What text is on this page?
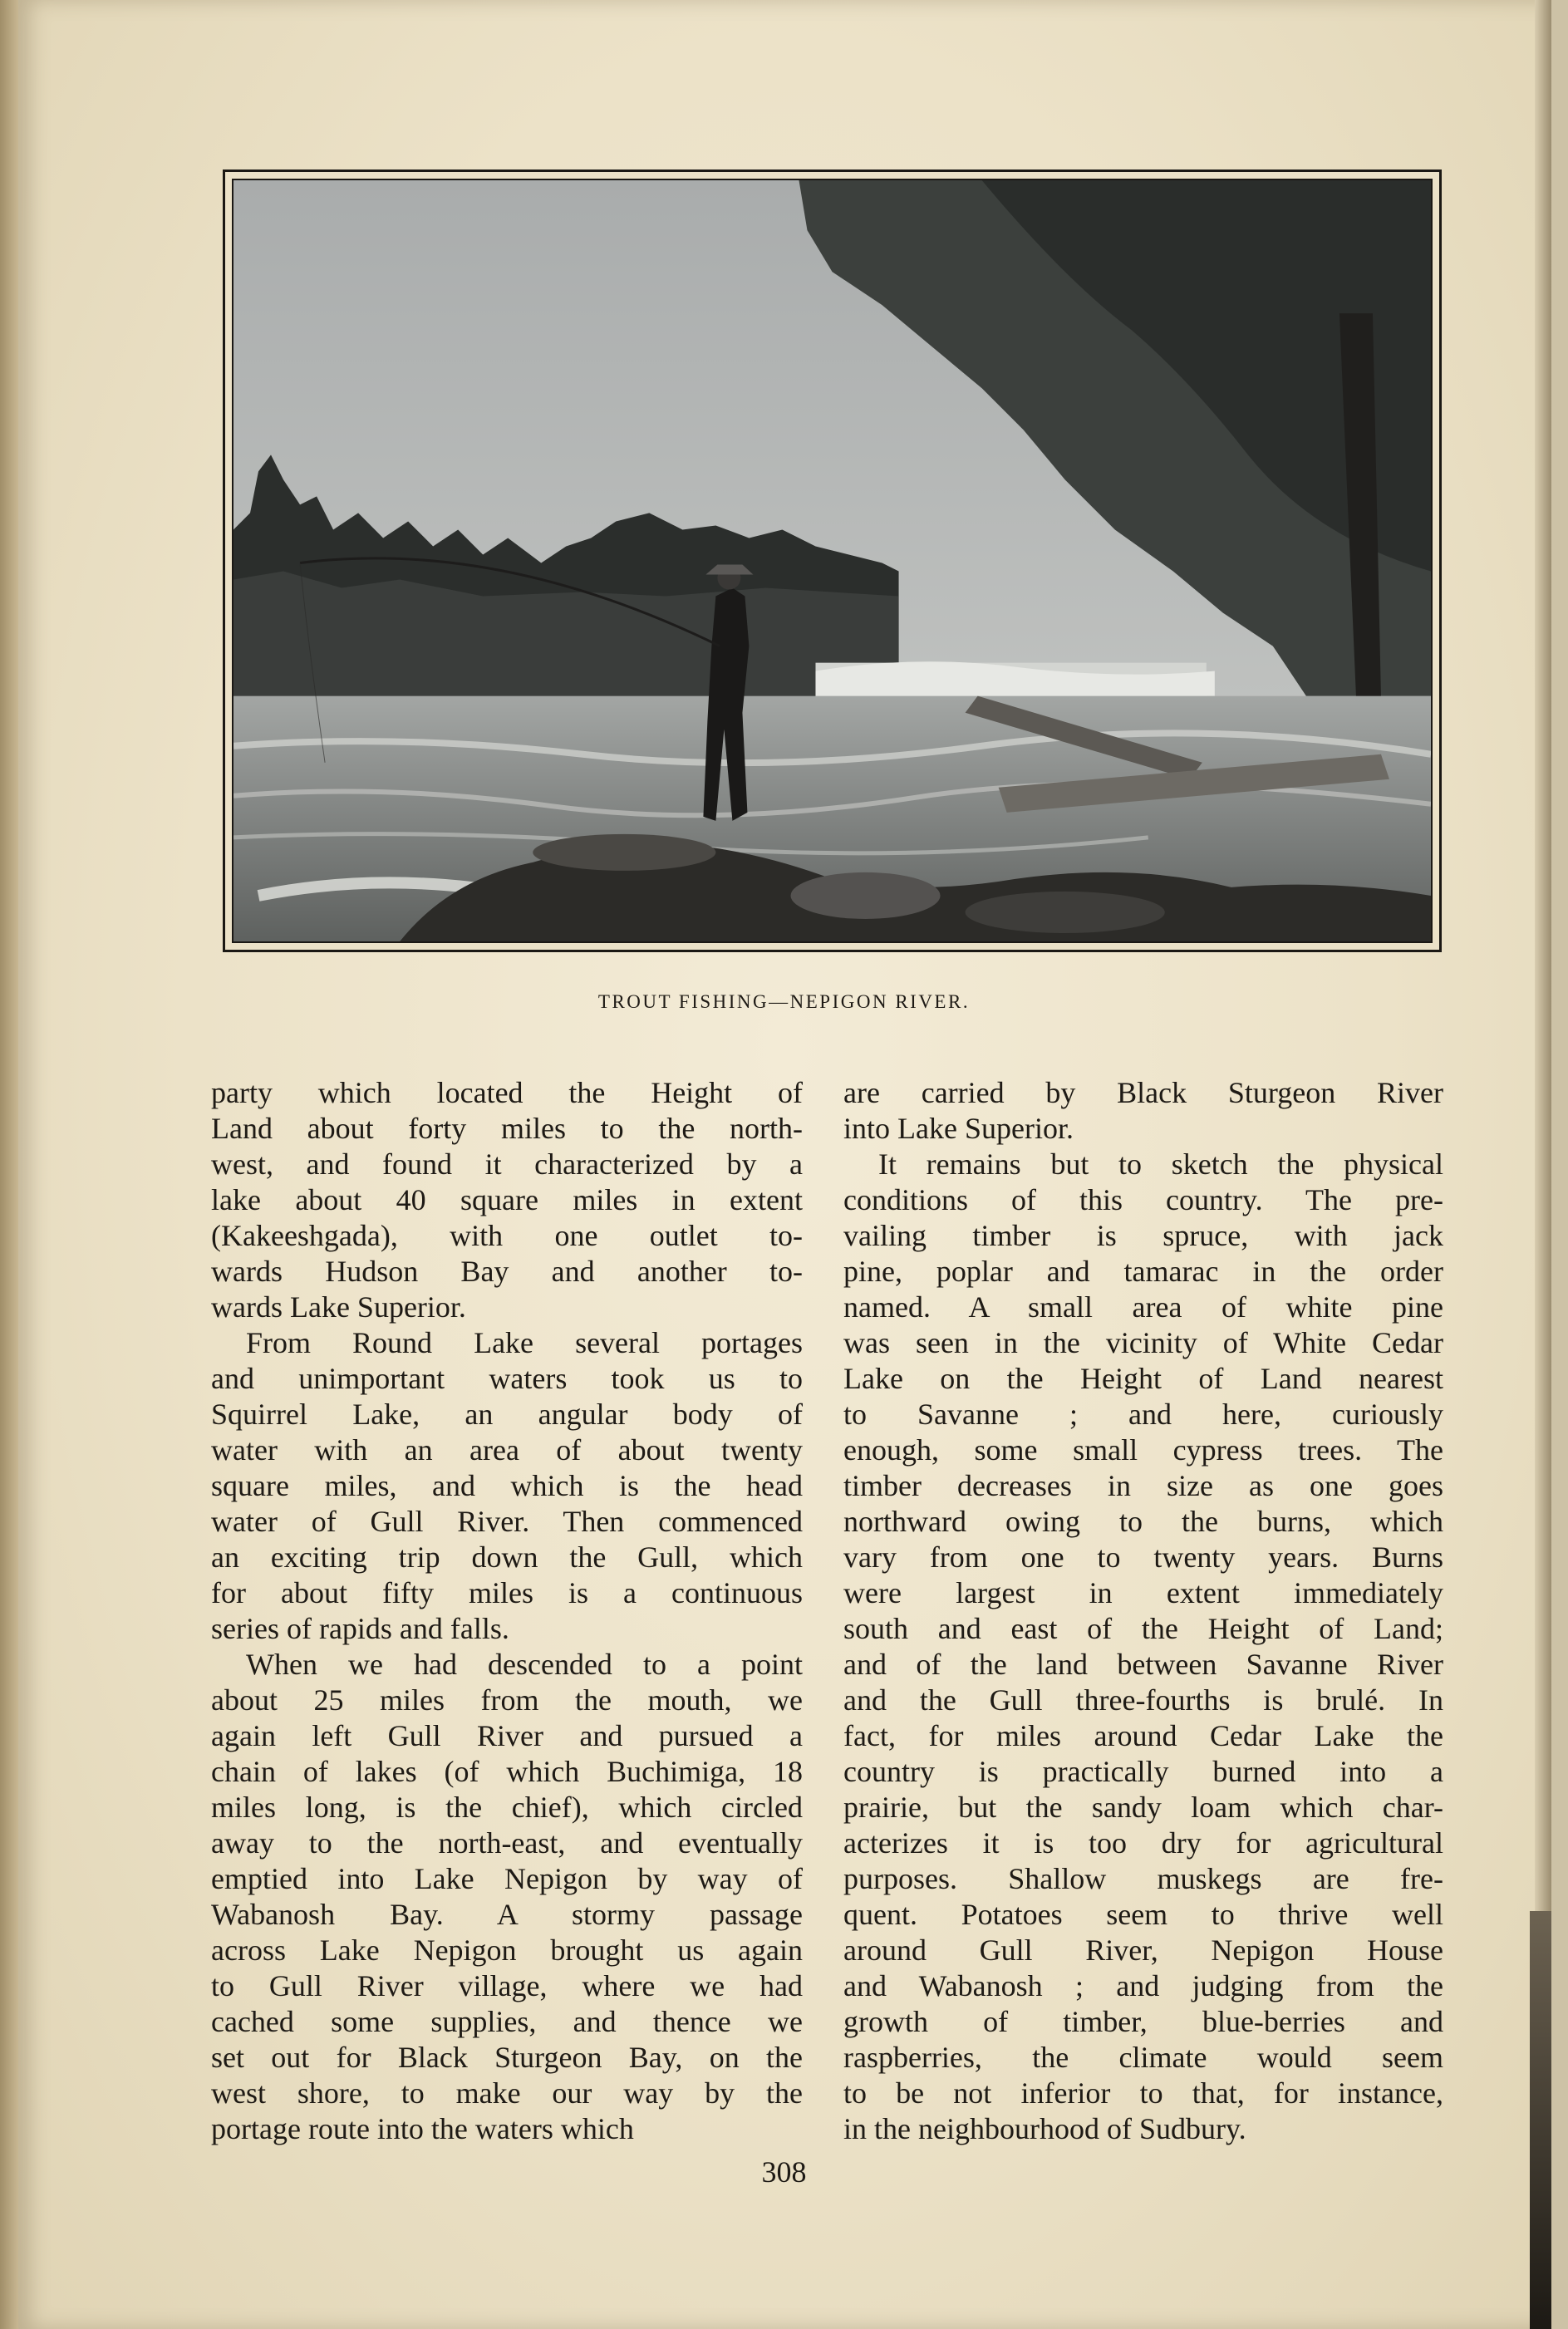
TROUT FISHING—NEPIGON RIVER.

party which located the Height of
Land about forty miles to the north-
west, and found it characterized by a
lake about 40 square miles in extent
(Kakeeshgada), with one outlet to-
wards Hudson Bay and another to-
wards Lake Superior.

From Round Lake several portages
and unimportant waters took us to
Squirrel Lake, an angular body of
water with an area of about twenty
square miles, and which is the head
water of Gull River. Then commenced
an exciting trip down the Gull, which
for about fifty miles is a continuous
series of rapids and falls.

When we had descended to a point
about 25 miles from the mouth, we
again left Gull River and pursued a
chain of lakes (of which Buchimiga, 18
miles long, is the chief), which circled
away to the north-east, and eventually
emptied into Lake Nepigon by way of
Wabanosh Bay. A stormy passage
across Lake Nepigon brought us again
to Gull River village, where we had
cached some supplies, and thence we
set out for Black Sturgeon Bay, on the
west shore, to make our way by the
portage route into the waters which

are carried by Black Sturgeon River
into Lake Superior.

It remains but to sketch the physical
conditions of this country. The pre-
vailing timber is spruce, with jack
pine, poplar and tamarac in the order
named. A small area of white pine
was seen in the vicinity of White Cedar
Lake on the Height of Land nearest
to Savanne ; and here, curiously
enough, some small cypress trees. The
timber decreases in size as one goes
northward owing to the burns, which
vary from one to twenty years. Burns
were largest in extent immediately
south and east of the Height of Land;
and of the land between Savanne River
and the Gull three-fourths is brulé. In
fact, for miles around Cedar Lake the
country is practically burned into a
prairie, but the sandy loam which char-
acterizes it is too dry for agricultural
purposes. Shallow muskegs are fre-
quent. Potatoes seem to thrive well
around Gull River, Nepigon House
and Wabanosh ; and judging from the
growth of timber, blue-berries and
raspberries, the climate would seem
to be not inferior to that, for instance,
in the neighbourhood of Sudbury.

308
